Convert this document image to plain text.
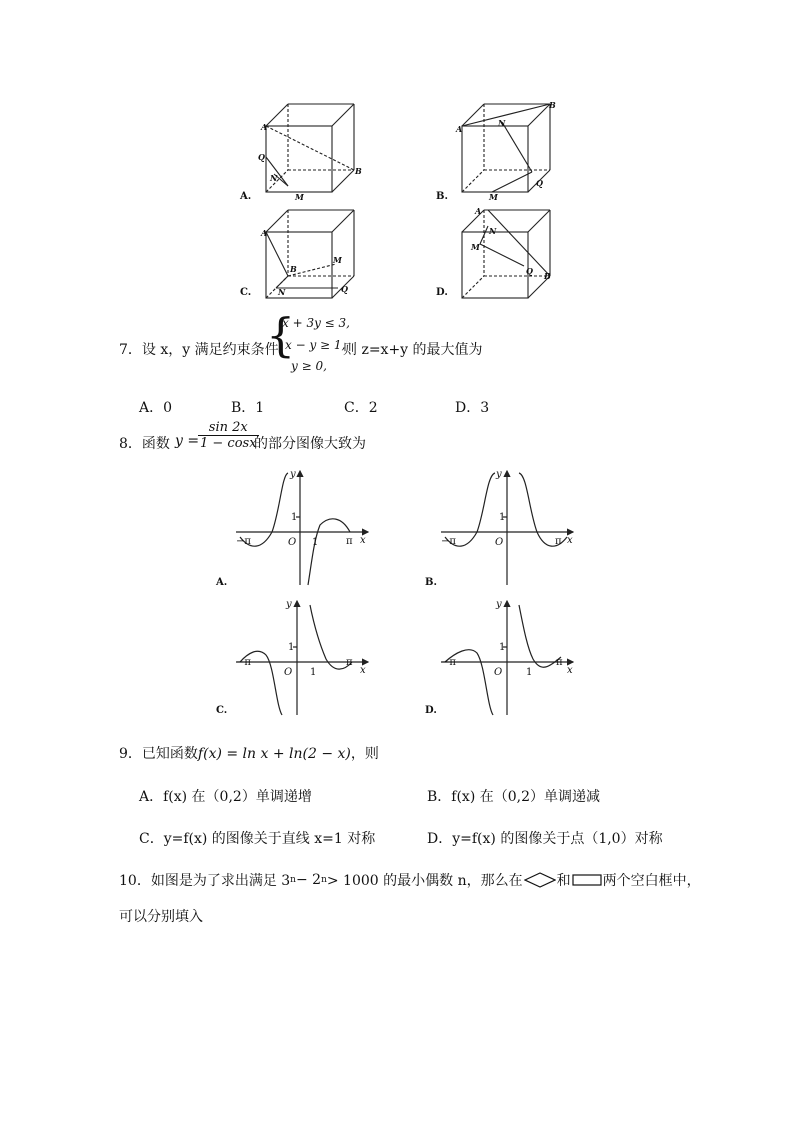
A.	B.
C.	D.
A
Q
N
M
B
A
N
B
M
Q
A
B
M
N	Q
A
N
M
Q B
7．设 x，y 满足约束条件
{
x + 3y ≤ 3,
x − y ≥ 1,
y ≥ 0,
则 z=x+y 的最大值为
A．0	B．1	C．2	D．3
8．函数 y =
$\frac{\sin 2x}{1 - \cos x}$
的部分图像大致为
y
x
O
1
1
−π	π
y
x
O
1
−π	π
y
x
O
1
1
−π	π
y
x
O
1
1
−π	π
A.	B.
C.	D.
9．已知函数f(x) = ln x + ln(2 − x)，则
A．f(x) 在（0,2）单调递增	B．f(x) 在（0,2）单调递减
C．y=f(x) 的图像关于直线 x=1 对称	D．y=f(x) 的图像关于点（1,0）对称
10．如图是为了求出满足 3 n − 2 n > 1000 的最小偶数 n，那么在 和 两个空白框中，
可以分别填入
